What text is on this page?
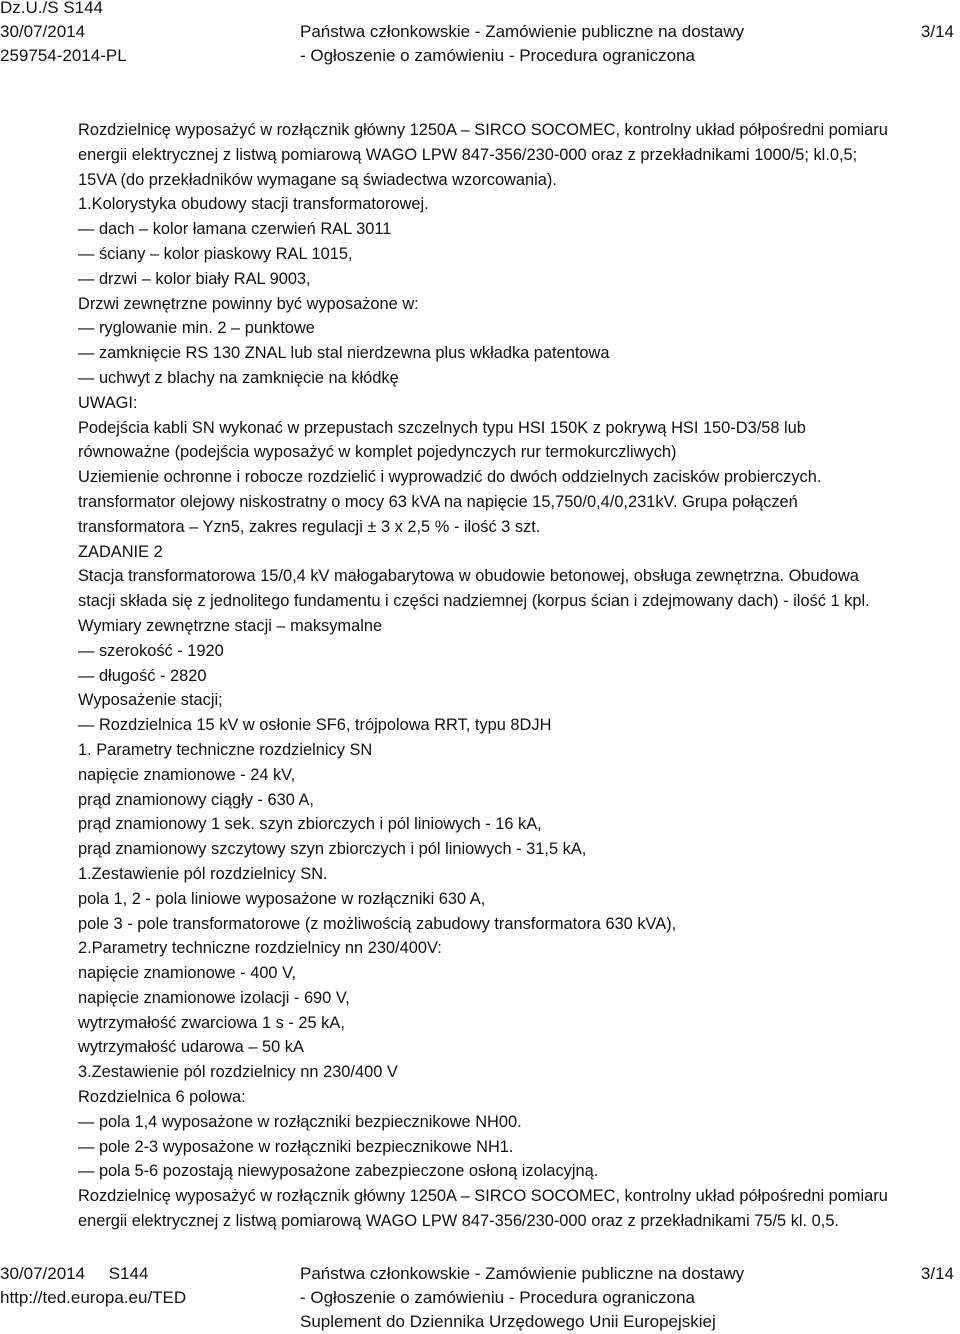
Dz.U./S S144
30/07/2014
259754-2014-PL
Państwa członkowskie - Zamówienie publiczne na dostawy
- Ogłoszenie o zamówieniu - Procedura ograniczona
3/14
Rozdzielnicę wyposażyć w rozłącznik główny 1250A – SIRCO SOCOMEC, kontrolny układ półpośredni pomiaru
energii elektrycznej z listwą pomiarową WAGO LPW 847-356/230-000 oraz z przekładnikami 1000/5; kl.0,5;
15VA (do przekładników wymagane są świadectwa wzorcowania).
1.Kolorystyka obudowy stacji transformatorowej.
— dach – kolor łamana czerwień RAL 3011
— ściany – kolor piaskowy RAL 1015,
— drzwi – kolor biały RAL 9003,
Drzwi zewnętrzne powinny być wyposażone w:
— ryglowanie min. 2 – punktowe
— zamknięcie RS 130 ZNAL lub stal nierdzewna plus wkładka patentowa
— uchwyt z blachy na zamknięcie na kłódkę
UWAGI:
Podejścia kabli SN wykonać w przepustach szczelnych typu HSI 150K z pokrywą HSI 150-D3/58 lub
równoważne (podejścia wyposażyć w komplet pojedynczych rur termokurczliwych)
Uziemienie ochronne i robocze rozdzielić i wyprowadzić do dwóch oddzielnych zacisków probierczych.
transformator olejowy niskostratny o mocy 63 kVA na napięcie 15,750/0,4/0,231kV. Grupa połączeń
transformatora – Yzn5, zakres regulacji ± 3 x 2,5 % - ilość 3 szt.
ZADANIE 2
Stacja transformatorowa 15/0,4 kV małogabarytowa w obudowie betonowej, obsługa zewnętrzna. Obudowa
stacji składa się z jednolitego fundamentu i części nadziemnej (korpus ścian i zdejmowany dach) - ilość 1 kpl.
Wymiary zewnętrzne stacji – maksymalne
— szerokość - 1920
— długość - 2820
Wyposażenie stacji;
— Rozdzielnica 15 kV w osłonie SF6, trójpolowa RRT, typu 8DJH
1. Parametry techniczne rozdzielnicy SN
napięcie znamionowe - 24 kV,
prąd znamionowy ciągły - 630 A,
prąd znamionowy 1 sek. szyn zbiorczych i pól liniowych - 16 kA,
prąd znamionowy szczytowy szyn zbiorczych i pól liniowych - 31,5 kA,
1.Zestawienie pól rozdzielnicy SN.
pola 1, 2 - pola liniowe wyposażone w rozłączniki 630 A,
pole 3 - pole transformatorowe (z możliwością zabudowy transformatora 630 kVA),
2.Parametry techniczne rozdzielnicy nn 230/400V:
napięcie znamionowe - 400 V,
napięcie znamionowe izolacji - 690 V,
wytrzymałość zwarciowa 1 s - 25 kA,
wytrzymałość udarowa – 50 kA
3.Zestawienie pól rozdzielnicy nn 230/400 V
Rozdzielnica 6 polowa:
— pola 1,4 wyposażone w rozłączniki bezpiecznikowe NH00.
— pole 2-3 wyposażone w rozłączniki bezpiecznikowe NH1.
— pola 5-6 pozostają niewyposażone zabezpieczone osłoną izolacyjną.
Rozdzielnicę wyposażyć w rozłącznik główny 1250A – SIRCO SOCOMEC, kontrolny układ półpośredni pomiaru
energii elektrycznej z listwą pomiarową WAGO LPW 847-356/230-000 oraz z przekładnikami 75/5 kl. 0,5.
30/07/2014     S144
http://ted.europa.eu/TED
Państwa członkowskie - Zamówienie publiczne na dostawy
- Ogłoszenie o zamówieniu - Procedura ograniczona
Suplement do Dziennika Urzędowego Unii Europejskiej
3/14
